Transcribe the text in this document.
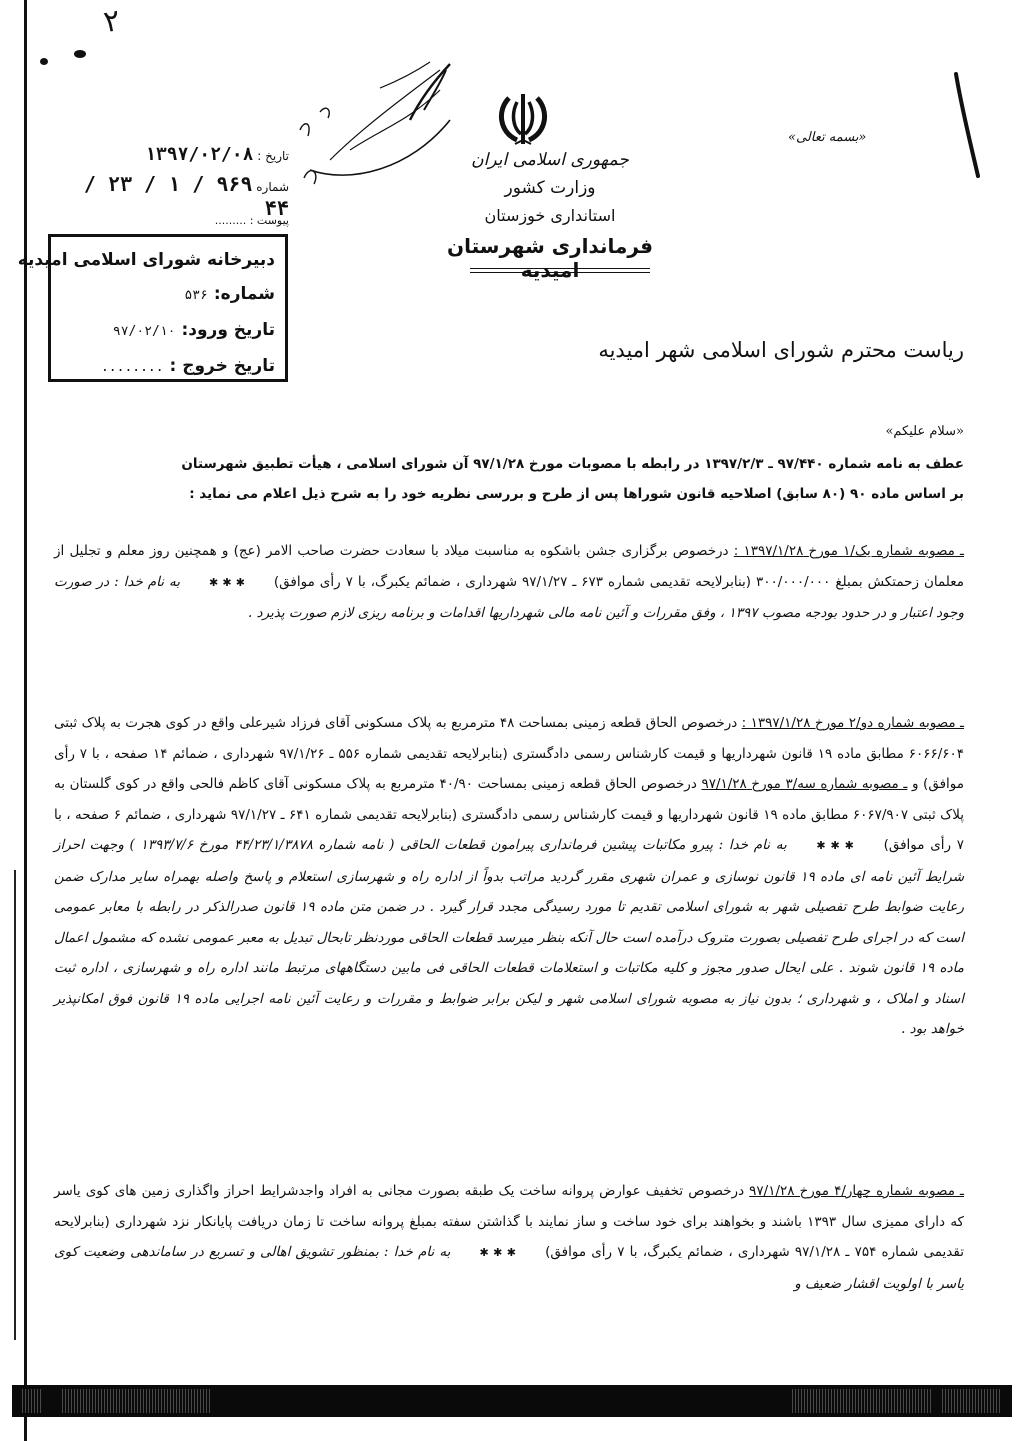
۲
«بسمه تعالی»
جمهوری اسلامی ایران
وزارت کشور
استانداری خوزستان
فرمانداری شهرستان امیدیه
تاریخ : ۱۳۹۷/۰۲/۰۸
شماره ۹۶۹ / ۱ / ۲۳ / ۴۴
پیوست : .........
دبیرخانه شورای اسلامی امیدیه
شماره: ۵۳۶
تاریخ ورود: ۹۷/۰۲/۱۰
تاریخ خروج : ........
ریاست محترم شورای اسلامی شهر امیدیه
«سلام علیکم»
عطف به نامه شماره ۹۷/۴۴۰ ـ ۱۳۹۷/۲/۳ در رابطه با مصوبات مورخ ۹۷/۱/۲۸ آن شورای اسلامی ، هیأت تطبیق شهرستان
بر اساس ماده ۹۰ (۸۰ سابق) اصلاحیه قانون شوراها پس از طرح و بررسی نظریه خود را به شرح ذیل اعلام می نماید :
ـ مصوبه شماره یک/۱ مورخ ۱۳۹۷/۱/۲۸ : درخصوص برگزاری جشن باشکوه به مناسبت میلاد با سعادت حضرت صاحب الامر (عج) و همچنین روز معلم و تجلیل از معلمان زحمتکش بمبلغ ۳۰۰/۰۰۰/۰۰۰ (بنابرلایحه تقدیمی شماره ۶۷۳ ـ ۹۷/۱/۲۷ شهرداری ، ضمائم یکبرگ، با ۷ رأی موافق) ✱ ✱ ✱ به نام خدا : در صورت وجود اعتبار و در حدود بودجه مصوب ۱۳۹۷ ، وفق مقررات و آئین نامه مالی شهرداریها اقدامات و برنامه ریزی لازم صورت پذیرد .
ـ مصوبه شماره دو/۲ مورخ ۱۳۹۷/۱/۲۸ : درخصوص الحاق قطعه زمینی بمساحت ۴۸ مترمربع به پلاک مسکونی آقای فرزاد شیرعلی واقع در کوی هجرت به پلاک ثبتی ۶۰۶۶/۶۰۴ مطابق ماده ۱۹ قانون شهرداریها و قیمت کارشناس رسمی دادگستری (بنابرلایحه تقدیمی شماره ۵۵۶ ـ ۹۷/۱/۲۶ شهرداری ، ضمائم ۱۴ صفحه ، با ۷ رأی موافق) و ـ مصوبه شماره سه/۳ مورخ ۹۷/۱/۲۸ درخصوص الحاق قطعه زمینی بمساحت ۴۰/۹۰ مترمربع به پلاک مسکونی آقای کاظم فالحی واقع در کوی گلستان به پلاک ثبتی ۶۰۶۷/۹۰۷ مطابق ماده ۱۹ قانون شهرداریها و قیمت کارشناس رسمی دادگستری (بنابرلایحه تقدیمی شماره ۶۴۱ ـ ۹۷/۱/۲۷ شهرداری ، ضمائم ۶ صفحه ، با ۷ رأی موافق) ✱ ✱ ✱ به نام خدا : پیرو مکاتبات پیشین فرمانداری پیرامون قطعات الحاقی ( نامه شماره ۴۴/۲۳/۱/۳۸۷۸ مورخ ۱۳۹۳/۷/۶ ) وجهت احراز شرایط آئین نامه ای ماده ۱۹ قانون نوسازی و عمران شهری مقرر گردید مراتب بدواً از اداره راه و شهرسازی استعلام و پاسخ واصله بهمراه سایر مدارک ضمن رعایت ضوابط طرح تفصیلی شهر به شورای اسلامی تقدیم تا مورد رسیدگی مجدد قرار گیرد . در ضمن متن ماده ۱۹ قانون صدرالذکر در رابطه با معابر عمومی است که در اجرای طرح تفصیلی بصورت متروک درآمده است حال آنکه بنظر میرسد قطعات الحاقی موردنظر تابحال تبدیل به معبر عمومی نشده که مشمول اعمال ماده ۱۹ قانون شوند . علی ایحال صدور مجوز و کلیه مکاتبات و استعلامات قطعات الحاقی فی مابین دستگاههای مرتبط مانند اداره راه و شهرسازی ، اداره ثبت اسناد و املاک ، و شهرداری ؛ بدون نیاز به مصوبه شورای اسلامی شهر و لیکن برابر ضوابط و مقررات و رعایت آئین نامه اجرایی ماده ۱۹ قانون فوق امکانپذیر خواهد بود .
ـ مصوبه شماره چهار/۴ مورخ ۹۷/۱/۲۸ درخصوص تخفیف عوارض پروانه ساخت یک طبقه بصورت مجانی به افراد واجدشرایط احراز واگذاری زمین های کوی یاسر که دارای ممیزی سال ۱۳۹۳ باشند و بخواهند برای خود ساخت و ساز نمایند با گذاشتن سفته بمبلغ پروانه ساخت تا زمان دریافت پایانکار نزد شهرداری (بنابرلایحه تقدیمی شماره ۷۵۴ ـ ۹۷/۱/۲۸ شهرداری ، ضمائم یکبرگ، با ۷ رأی موافق) ✱ ✱ ✱ به نام خدا : بمنظور تشویق اهالی و تسریع در ساماندهی وضعیت کوی یاسر با اولویت اقشار ضعیف و
